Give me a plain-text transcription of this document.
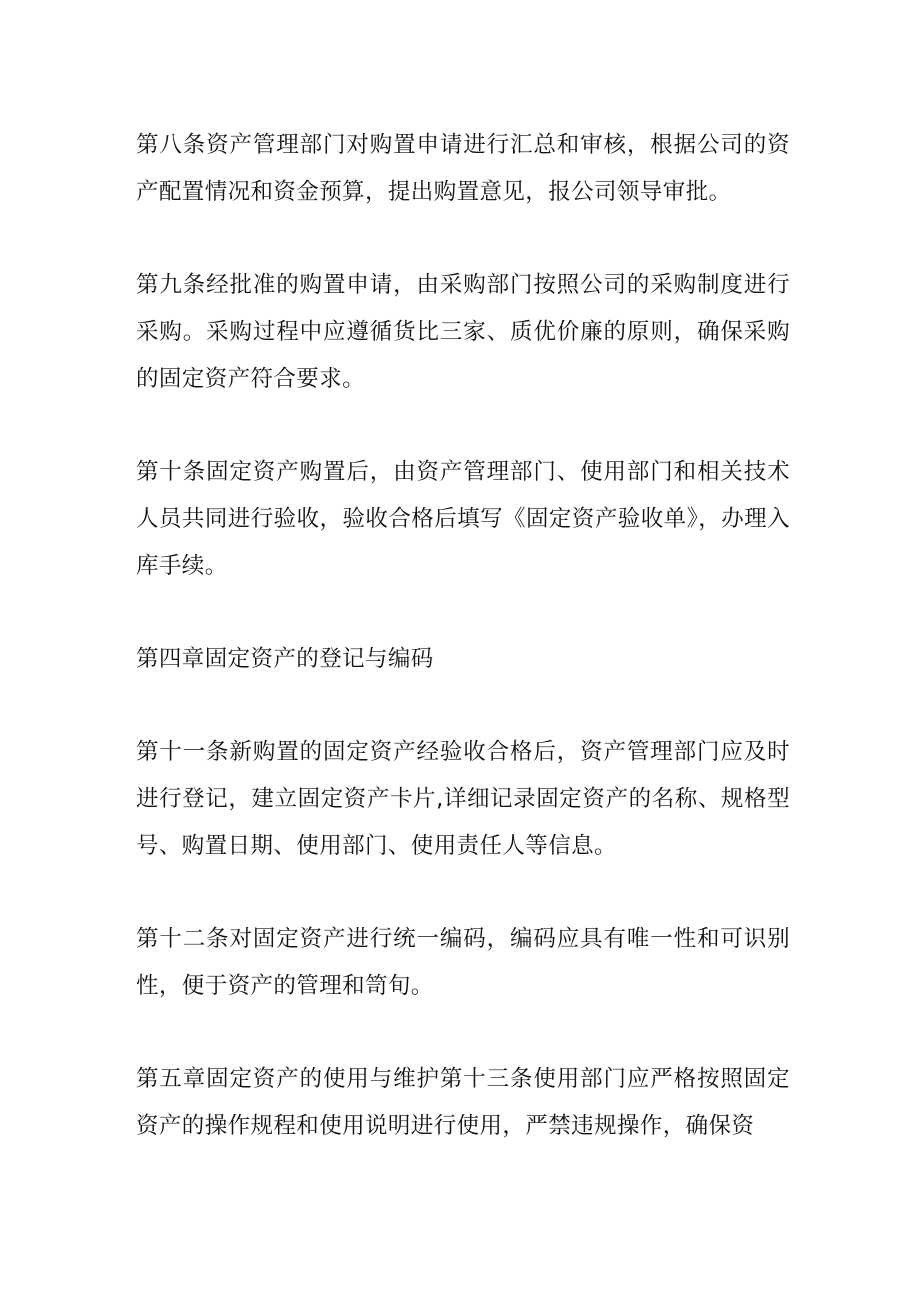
第八条资产管理部门对购置申请进行汇总和审核，根据公司的资产配置情况和资金预算，提出购置意见，报公司领导审批。

第九条经批准的购置申请，由采购部门按照公司的采购制度进行采购。采购过程中应遵循货比三家、质优价廉的原则，确保采购的固定资产符合要求。

第十条固定资产购置后，由资产管理部门、使用部门和相关技术人员共同进行验收，验收合格后填写《固定资产验收单》，办理入库手续。

第四章固定资产的登记与编码

第十一条新购置的固定资产经验收合格后，资产管理部门应及时进行登记，建立固定资产卡片,详细记录固定资产的名称、规格型号、购置日期、使用部门、使用责任人等信息。

第十二条对固定资产进行统一编码，编码应具有唯一性和可识别性，便于资产的管理和笥旬。

第五章固定资产的使用与维护第十三条使用部门应严格按照固定资产的操作规程和使用说明进行使用，严禁违规操作，确保资
